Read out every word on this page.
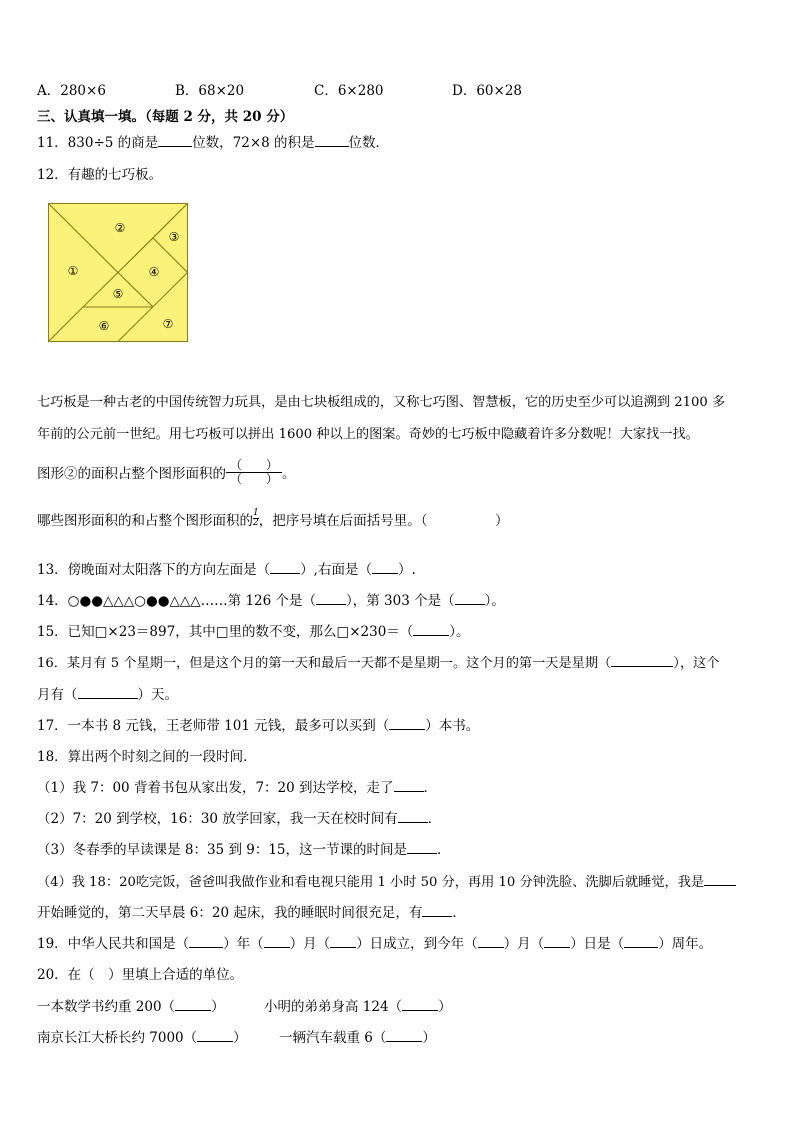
A．280×6	B．68×20	C．6×280	D．60×28
三、认真填一填。（每题 2 分，共 20 分）
11．830÷5 的商是	位数，72×8 的积是	位数．
12．有趣的七巧板。
①
②
③
④
⑤
⑥	⑦
七巧板是一种古老的中国传统智力玩具，是由七块板组成的，又称七巧图、智慧板，它的历史至少可以追溯到 2100 多
年前的公元前一世纪。用七巧板可以拼出 1600 种以上的图案。奇妙的七巧板中隐藏着许多分数呢！大家找一找。
图形②的面积占整个图形面积的 $\frac{( )}{( )}$ 。
哪些图形面积的和占整个图形面积的 $\frac{1}{2}$ ，把序号填在后面括号里。（　　　　　）
13．傍晚面对太阳落下的方向左面是（ ）,右面是（ ）.
14．○●●△△△○●●△△△……第 126 个是（ ），第 303 个是（ ）。
15．已知□×23＝897，其中□里的数不变，那么□×230＝（	）。
16．某月有 5 个星期一，但是这个月的第一天和最后一天都不是星期一。这个月的第一天是星期（	），这个
月有（	）天。
17．一本书 8 元钱，王老师带 101 元钱，最多可以买到（	）本书。
18．算出两个时刻之间的一段时间．
（1）我 7：00 背着书包从家出发，7：20 到达学校，走了 ．
（2）7：20 到学校，16：30 放学回家，我一天在校时间有 ．
（3）冬春季的早读课是 8：35 到 9：15，这一节课的时间是 ．
（4）我 18：20吃完饭，爸爸叫我做作业和看电视只能用 1 小时 50 分，再用 10 分钟洗脸、洗脚后就睡觉，我是
开始睡觉的，第二天早晨 6：20 起床，我的睡眠时间很充足，有 ．
19．中华人民共和国是（	）年（ ）月（ ）日成立，到今年（ ）月（ ）日是（	）周年。
20．在（　）里填上合适的单位。
一本数学书约重 200（	）	小明的弟弟身高 124（	）
南京长江大桥长约 7000（	） 一辆汽车载重 6（	）
